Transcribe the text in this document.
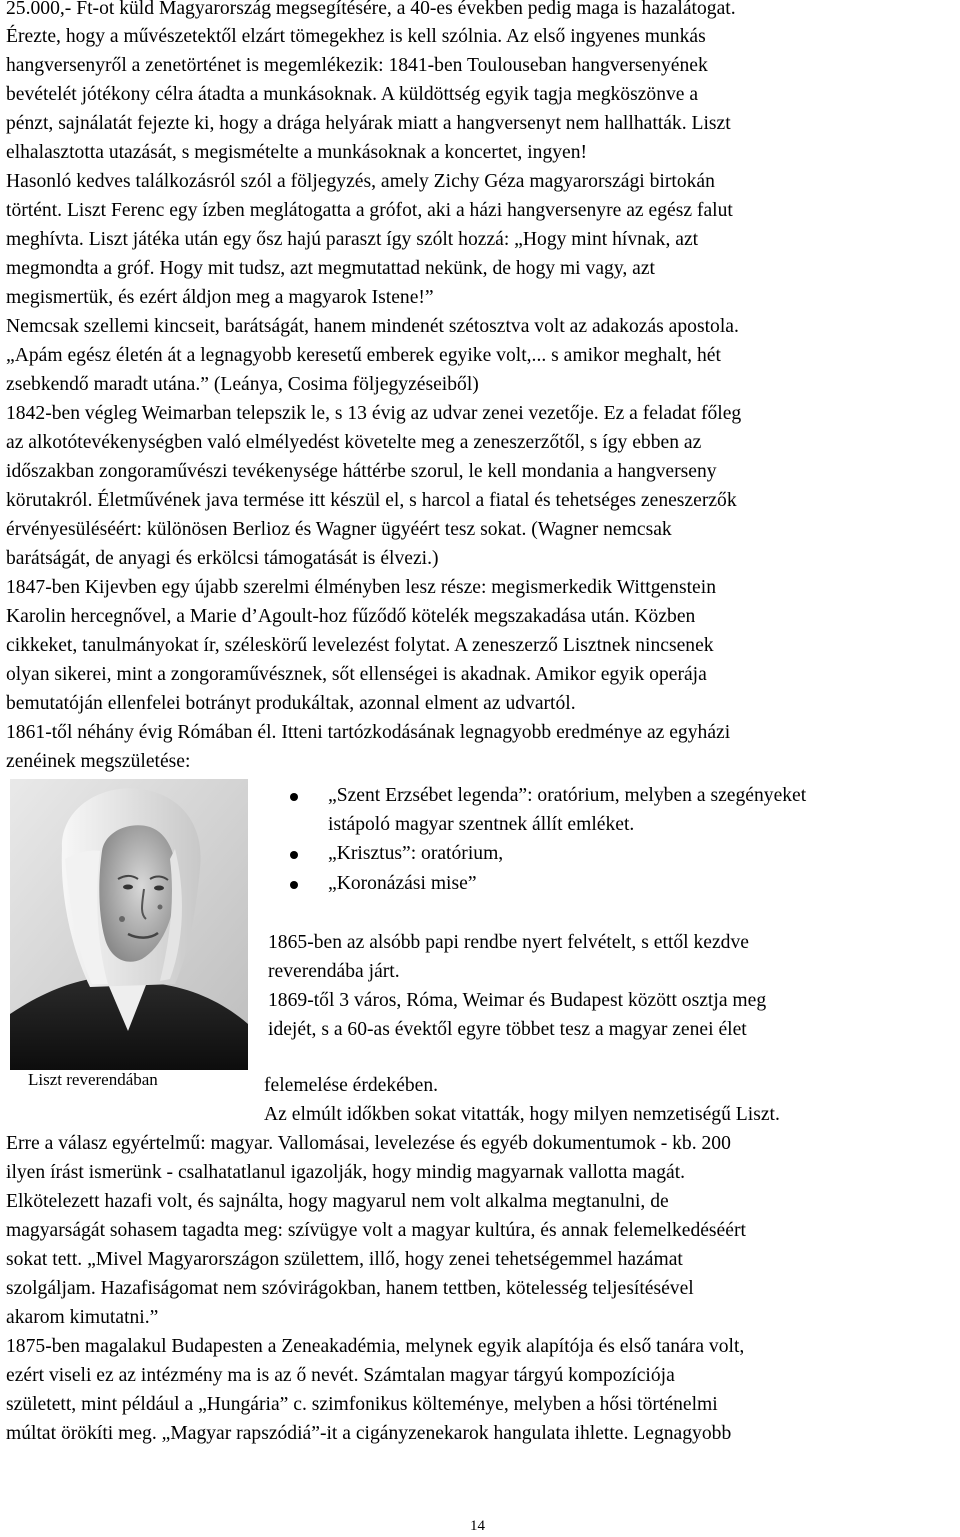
25.000,- Ft-ot küld Magyarország megsegítésére, a 40-es években pedig maga is hazalátogat.
Érezte, hogy a művészetektől elzárt tömegekhez is kell szólnia. Az első ingyenes munkás
hangversenyről a zenetörténet is megemlékezik: 1841-ben Toulouseban hangversenyének
bevételét jótékony célra átadta a munkásoknak. A küldöttség egyik tagja megköszönve a
pénzt, sajnálatát fejezte ki, hogy a drága helyárak miatt a hangversenyt nem hallhatták. Liszt
elhalasztotta utazását, s megismételte a munkásoknak a koncertet, ingyen!
Hasonló kedves találkozásról szól a följegyzés, amely Zichy Géza magyarországi birtokán
történt. Liszt Ferenc egy ízben meglátogatta a grófot, aki a házi hangversenyre az egész falut
meghívta. Liszt játéka után egy ősz hajú paraszt így szólt hozzá: „Hogy mint hívnak, azt
megmondta a gróf. Hogy mit tudsz, azt megmutattad nekünk, de hogy mi vagy, azt
megismertük, és ezért áldjon meg a magyarok Istene!”
Nemcsak szellemi kincseit, barátságát, hanem mindenét szétosztva volt az adakozás apostola.
„Apám egész életén át a legnagyobb keresetű emberek egyike volt,... s amikor meghalt, hét
zsebkendő maradt utána.” (Leánya, Cosima följegyzéseiből)
1842-ben végleg Weimarban telepszik le, s 13 évig az udvar zenei vezetője. Ez a feladat főleg
az alkotótevékenységben való elmélyedést követelte meg a zeneszerzőtől, s így ebben az
időszakban zongoraművészi tevékenysége háttérbe szorul, le kell mondania a hangverseny
körutakról. Életművének java termése itt készül el, s harcol a fiatal és tehetséges zeneszerzők
érvényesüléséért: különösen Berlioz és Wagner ügyéért tesz sokat. (Wagner nemcsak
barátságát, de anyagi és erkölcsi támogatását is élvezi.)
1847-ben Kijevben egy újabb szerelmi élményben lesz része: megismerkedik Wittgenstein
Karolin hercegnővel, a Marie d’Agoult-hoz fűződő kötelék megszakadása után. Közben
cikkeket, tanulmányokat ír, széleskörű levelezést folytat. A zeneszerző Lisztnek nincsenek
olyan sikerei, mint a zongoraművésznek, sőt ellenségei is akadnak. Amikor egyik operája
bemutatóján ellenfelei botrányt produkáltak, azonnal elment az udvartól.
1861-től néhány évig Rómában él. Itteni tartózkodásának legnagyobb eredménye az egyházi
zenéinek megszületése:
Liszt reverendában
„Szent Erzsébet legenda”: oratórium, melyben a szegényeket
istápoló magyar szentnek állít emléket.
„Krisztus”: oratórium,
„Koronázási mise”
1865-ben az alsóbb papi rendbe nyert felvételt, s ettől kezdve
reverendába járt.
1869-től 3 város, Róma, Weimar és Budapest között osztja meg
idejét, s a 60-as évektől egyre többet tesz a magyar zenei élet
felemelése érdekében.
Az elmúlt időkben sokat vitatták, hogy milyen nemzetiségű Liszt.
Erre a válasz egyértelmű: magyar. Vallomásai, levelezése és egyéb dokumentumok - kb. 200
ilyen írást ismerünk - csalhatatlanul igazolják, hogy mindig magyarnak vallotta magát.
Elkötelezett hazafi volt, és sajnálta, hogy magyarul nem volt alkalma megtanulni, de
magyarságát sohasem tagadta meg: szívügye volt a magyar kultúra, és annak felemelkedéséért
sokat tett. „Mivel Magyarországon születtem, illő, hogy zenei tehetségemmel hazámat
szolgáljam. Hazafiságomat nem szóvirágokban, hanem tettben, kötelesség teljesítésével
akarom kimutatni.”
1875-ben magalakul Budapesten a Zeneakadémia, melynek egyik alapítója és első tanára volt,
ezért viseli ez az intézmény ma is az ő nevét. Számtalan magyar tárgyú kompozíciója
született, mint például a „Hungária” c. szimfonikus költeménye, melyben a hősi történelmi
múltat örökíti meg. „Magyar rapszódiá”-it a cigányzenekarok hangulata ihlette. Legnagyobb
14
